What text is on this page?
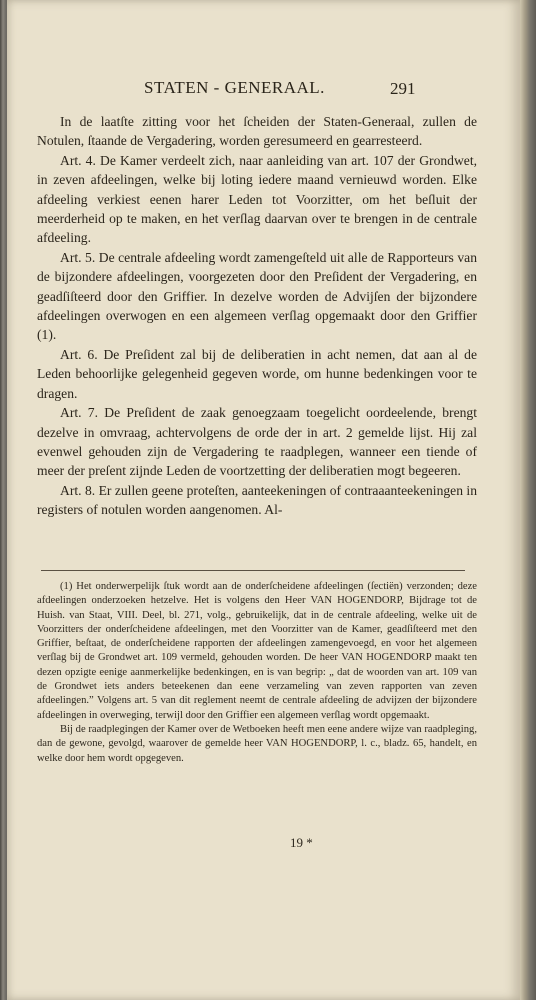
STATEN - GENERAAL.	291

In de laatſte zitting voor het ſcheiden der Staten-Generaal, zullen de Notulen, ſtaande de Vergadering, worden geresumeerd en gearresteerd.

Art. 4. De Kamer verdeelt zich, naar aanleiding van art. 107 der Grondwet, in zeven afdeelingen, welke bij loting iedere maand vernieuwd worden. Elke afdeeling verkiest eenen harer Leden tot Voorzitter, om het beſluit der meerderheid op te maken, en het verſlag daarvan over te brengen in de centrale afdeeling.

Art. 5. De centrale afdeeling wordt zamengeſteld uit alle de Rapporteurs van de bijzondere afdeelingen, voorgezeten door den Preſident der Vergadering, en geadſiſteerd door den Griffier. In dezelve worden de Advijſen der bijzondere afdeelingen overwogen en een algemeen verſlag opgemaakt door den Griffier (1).

Art. 6. De Preſident zal bij de deliberatien in acht nemen, dat aan al de Leden behoorlijke gelegenheid gegeven worde, om hunne bedenkingen voor te dragen.

Art. 7. De Preſident de zaak genoegzaam toegelicht oordeelende, brengt dezelve in omvraag, achtervolgens de orde der in art. 2 gemelde lijst. Hij zal evenwel gehouden zijn de Vergadering te raadplegen, wanneer een tiende of meer der preſent zijnde Leden de voortzetting der deliberatien mogt begeeren.

Art. 8. Er zullen geene proteſten, aanteekeningen of contraaanteekeningen in registers of notulen worden aangenomen. Al-

(1) Het onderwerpelijk ſtuk wordt aan de onderſcheidene afdeelingen (ſectiën) verzonden; deze afdeelingen onderzoeken hetzelve. Het is volgens den Heer VAN HOGENDORP, Bijdrage tot de Huish. van Staat, VIII. Deel, bl. 271, volg., gebruikelijk, dat in de centrale afdeeling, welke uit de Voorzitters der onderſcheidene afdeelingen, met den Voorzitter van de Kamer, geadſiſteerd met den Griffier, beſtaat, de onderſcheidene rapporten der afdeelingen zamengevoegd, en voor het algemeen verſlag bij de Grondwet art. 109 vermeld, gehouden worden. De heer VAN HOGENDORP maakt ten dezen opzigte eenige aanmerkelijke bedenkingen, en is van begrip: „ dat de woorden van art. 109 van de Grondwet iets anders beteekenen dan eene verzameling van zeven rapporten van zeven afdeelingen.” Volgens art. 5 van dit reglement neemt de centrale afdeeling de advijzen der bijzondere afdeelingen in overweging, terwijl door den Griffier een algemeen verſlag wordt opgemaakt.

Bij de raadplegingen der Kamer over de Wetboeken heeft men eene andere wijze van raadpleging, dan de gewone, gevolgd, waarover de gemelde heer VAN HOGENDORP, l. c., bladz. 65, handelt, en welke door hem wordt opgegeven.

19 *
